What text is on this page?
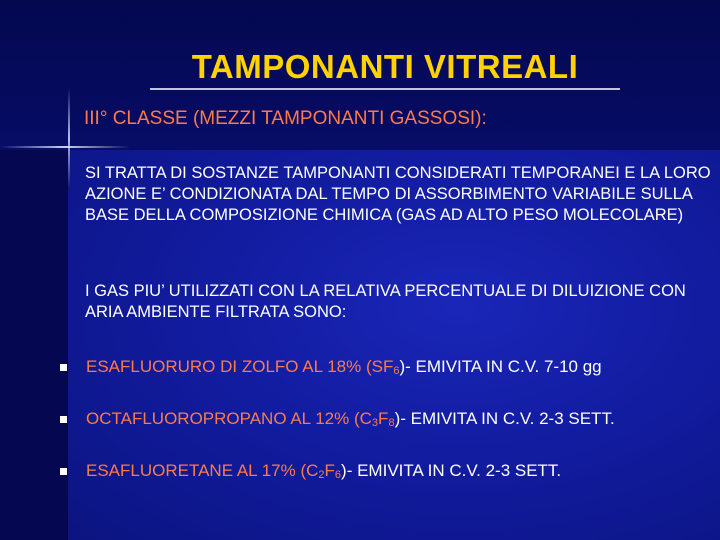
TAMPONANTI VITREALI
III° CLASSE (MEZZI TAMPONANTI GASSOSI):
SI TRATTA DI SOSTANZE TAMPONANTI CONSIDERATI TEMPORANEI E LA LORO AZIONE E’ CONDIZIONATA DAL TEMPO DI ASSORBIMENTO VARIABILE SULLA BASE DELLA COMPOSIZIONE CHIMICA (GAS AD ALTO PESO MOLECOLARE)
I GAS PIU’ UTILIZZATI CON LA RELATIVA PERCENTUALE DI DILUIZIONE CON ARIA AMBIENTE FILTRATA SONO:
ESAFLUORURO DI ZOLFO AL 18% (SF6)- EMIVITA IN C.V. 7-10 gg
OCTAFLUOROPROPANO AL 12% (C3F8)- EMIVITA IN C.V. 2-3 SETT.
ESAFLUORETANE AL 17% (C2F6)- EMIVITA IN C.V. 2-3 SETT.
